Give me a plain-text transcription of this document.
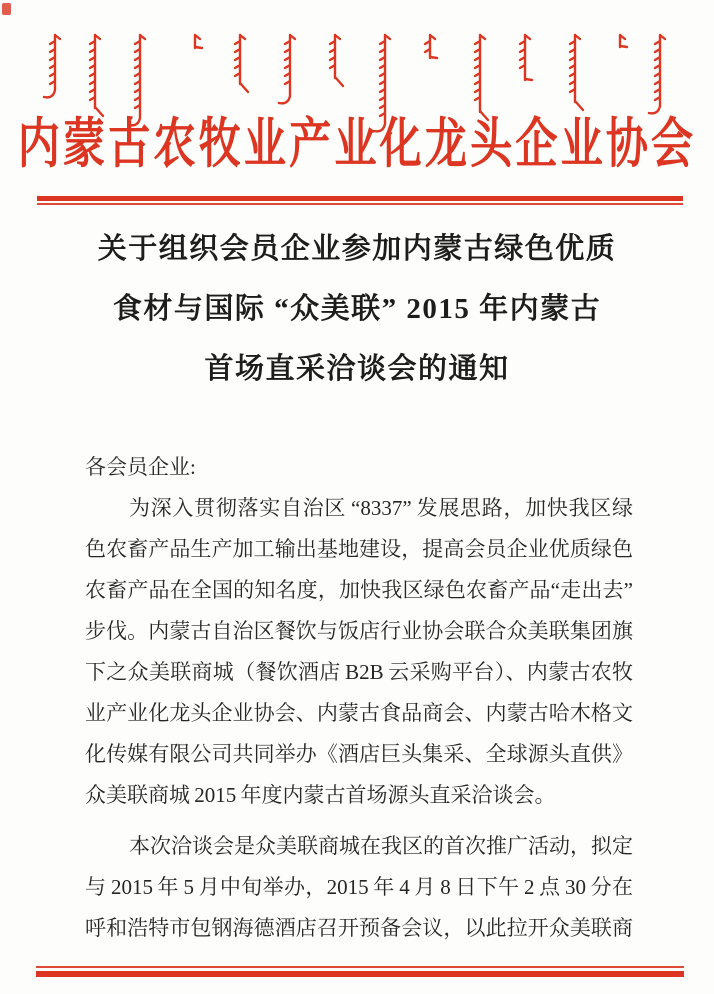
内蒙古农牧业产业化龙头企业协会
关于组织会员企业参加内蒙古绿色优质
食材与国际 “众美联” 2015 年内蒙古
首场直采洽谈会的通知
各会员企业:
为深入贯彻落实自治区 “8337” 发展思路，加快我区绿
色农畜产品生产加工输出基地建设，提高会员企业优质绿色
农畜产品在全国的知名度，加快我区绿色农畜产品“走出去”
步伐。内蒙古自治区餐饮与饭店行业协会联合众美联集团旗
下之众美联商城（餐饮酒店 B2B 云采购平台）、内蒙古农牧
业产业化龙头企业协会、内蒙古食品商会、内蒙古哈木格文
化传媒有限公司共同举办《酒店巨头集采、全球源头直供》
众美联商城 2015 年度内蒙古首场源头直采洽谈会。
本次洽谈会是众美联商城在我区的首次推广活动，拟定
与 2015 年 5 月中旬举办，2015 年 4 月 8 日下午 2 点 30 分在
呼和浩特市包钢海德酒店召开预备会议，以此拉开众美联商
